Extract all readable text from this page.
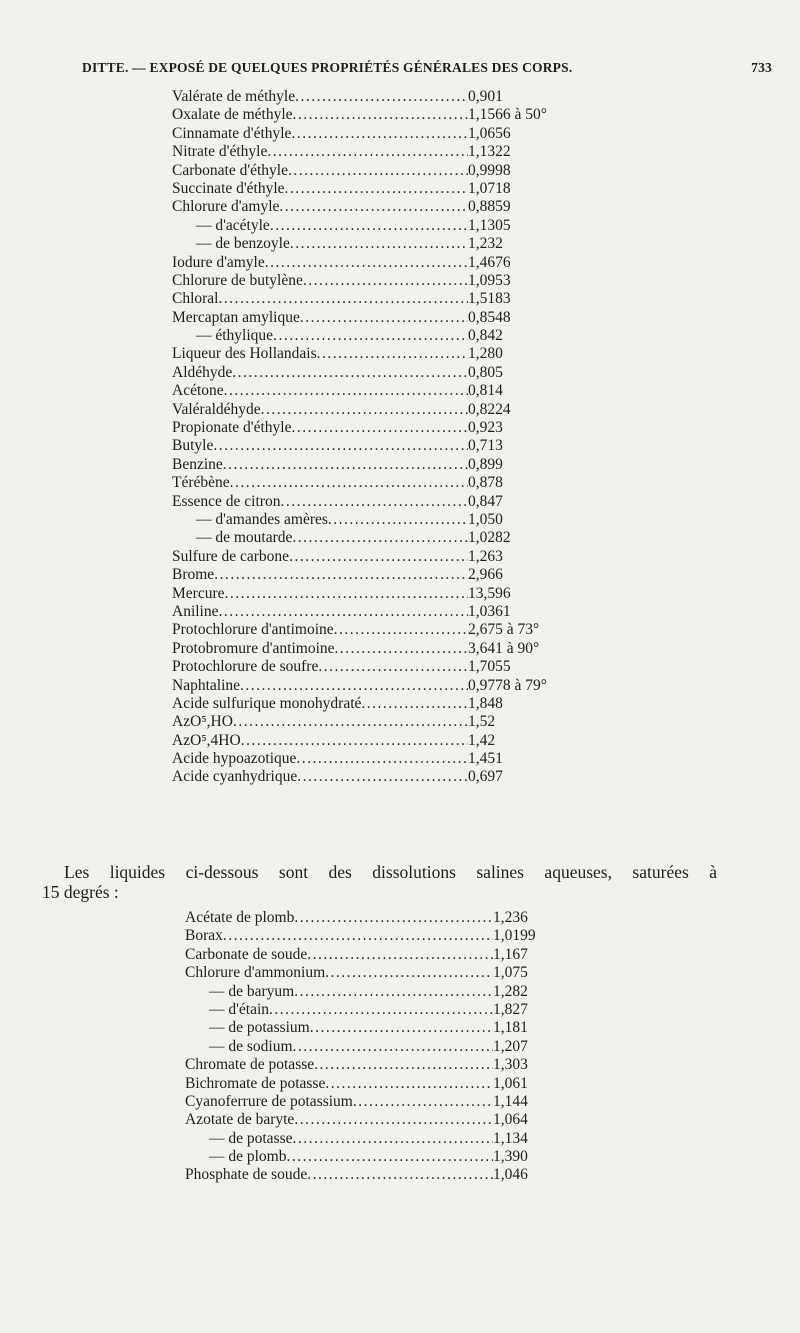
DITTE. — EXPOSÉ DE QUELQUES PROPRIÉTÉS GÉNÉRALES DES CORPS.	733
Valérate de méthyle .....	0,901
Oxalate de méthyle .....	1,1566 à 50°
Cinnamate d'éthyle .....	1,0656
Nitrate d'éthyle .....	1,1322
Carbonate d'éthyle .....	0,9998
Succinate d'éthyle .....	1,0718
Chlorure d'amyle .....	0,8859
— d'acétyle .....	1,1305
— de benzoyle .....	1,232
Iodure d'amyle .....	1,4676
Chlorure de butylène .....	1,0953
Chloral .....	1,5183
Mercaptan amylique .....	0,8548
— éthylique .....	0,842
Liqueur des Hollandais .....	1,280
Aldéhyde .....	0,805
Acétone .....	0,814
Valéraldéhyde .....	0,8224
Propionate d'éthyle .....	0,923
Butyle .....	0,713
Benzine .....	0,899
Térébène .....	0,878
Essence de citron .....	0,847
— d'amandes amères .....	1,050
— de moutarde .....	1,0282
Sulfure de carbone .....	1,263
Brome .....	2,966
Mercure .....	13,596
Aniline .....	1,0361
Protochlorure d'antimoine .....	2,675 à 73°
Protobromure d'antimoine .....	3,641 à 90°
Protochlorure de soufre .....	1,7055
Naphtaline .....	0,9778 à 79°
Acide sulfurique monohydraté .....	1,848
AzO⁵,HO .....	1,52
AzO⁵,4HO .....	1,42
Acide hypoazotique .....	1,451
Acide cyanhydrique .....	0,697
Les liquides ci-dessous sont des dissolutions salines aqueuses, saturées à
15 degrés :
Acétate de plomb .....	1,236
Borax .....	1,0199
Carbonate de soude .....	1,167
Chlorure d'ammonium .....	1,075
— de baryum .....	1,282
— d'étain .....	1,827
— de potassium .....	1,181
— de sodium .....	1,207
Chromate de potasse .....	1,303
Bichromate de potasse .....	1,061
Cyanoferrure de potassium .....	1,144
Azotate de baryte .....	1,064
— de potasse .....	1,134
— de plomb .....	1,390
Phosphate de soude .....	1,046
